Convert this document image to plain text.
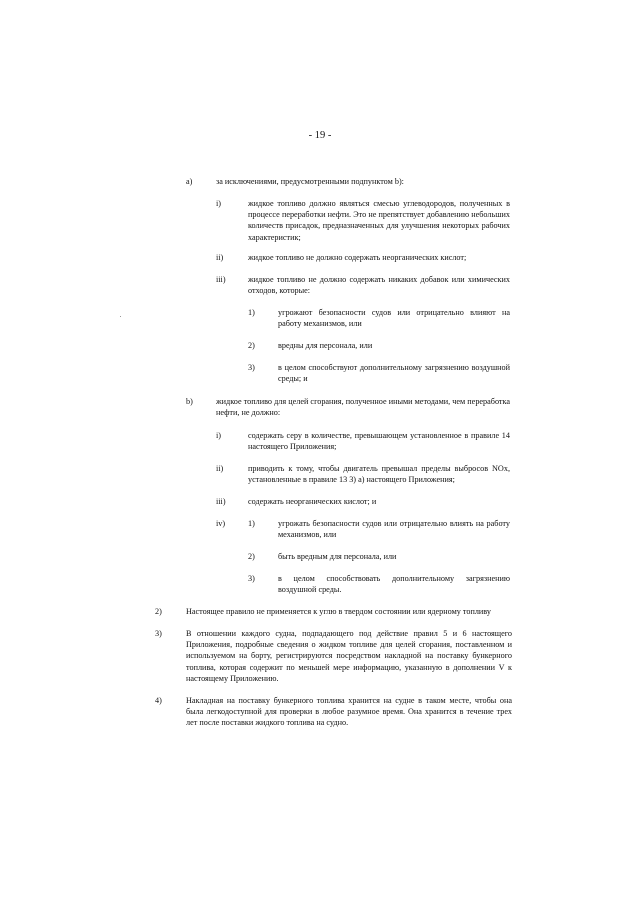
- 19 -
a)	за исключениями, предусмотренными подпунктом b):
i)	жидкое топливо должно являться смесью углеводородов, полученных в процессе переработки нефти. Это не препятствует добавлению небольших количеств присадок, предназначенных для улучшения некоторых рабочих характеристик;
ii)	жидкое топливо не должно содержать неорганических кислот;
iii)	жидкое топливо не должно содержать никаких добавок или химических отходов, которые:
1)	угрожают безопасности судов или отрицательно влияют на работу механизмов, или
2)	вредны для персонала, или
3)	в целом способствуют дополнительному загрязнению воздушной среды; и
b)	жидкое топливо для целей сгорания, полученное иными методами, чем переработка нефти, не должно:
i)	содержать серу в количестве, превышающем установленное в правиле 14 настоящего Приложения;
ii)	приводить к тому, чтобы двигатель превышал пределы выбросов NOx, установленные в правиле 13 3) a) настоящего Приложения;
iii)	содержать неорганических кислот; и
iv)	1)	угрожать безопасности судов или отрицательно влиять на работу механизмов, или
2)	быть вредным для персонала, или
3)	в целом способствовать дополнительному загрязнению воздушной среды.
2)	Настоящее правило не применяется к углю в твердом состоянии или ядерному топливу
3)	В отношении каждого судна, подпадающего под действие правил 5 и 6 настоящего Приложения, подробные сведения о жидком топливе для целей сгорания, поставленном и используемом на борту, регистрируются посредством накладной на поставку бункерного топлива, которая содержит по меньшей мере информацию, указанную в дополнении V к настоящему Приложению.
4)	Накладная на поставку бункерного топлива хранится на судне в таком месте, чтобы она была легкодоступной для проверки в любое разумное время. Она хранится в течение трех лет после поставки жидкого топлива на судно.
